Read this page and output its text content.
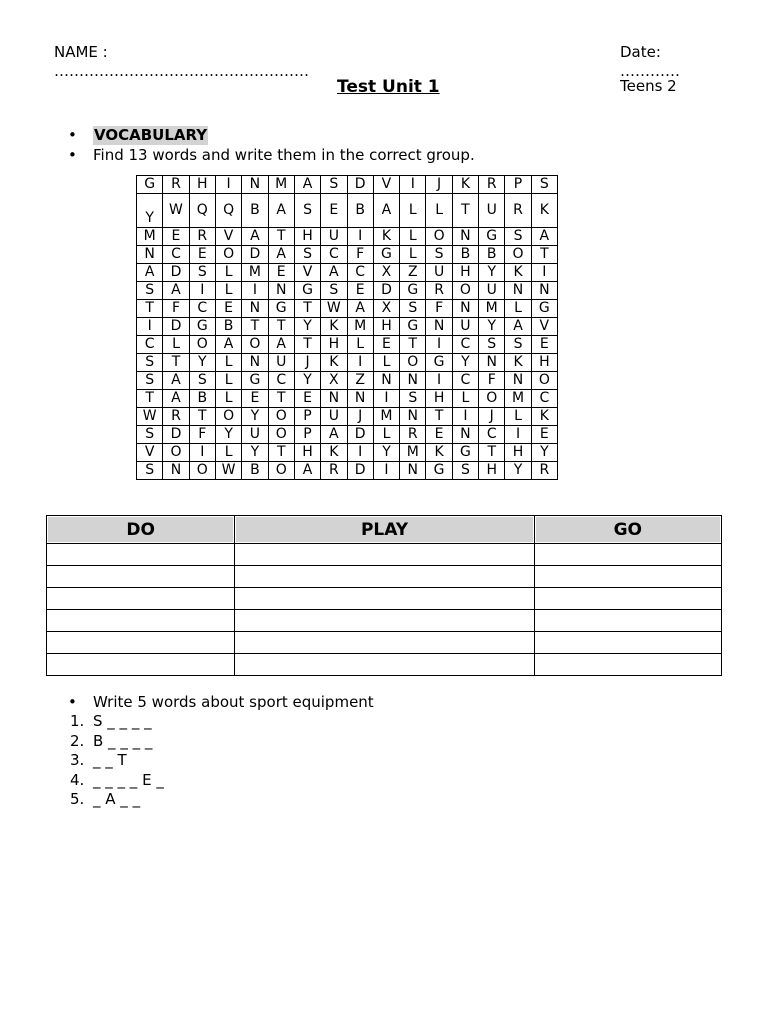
NAME :
……………………………………………
Date:
…………
Teens 2
Test Unit 1
•	VOCABULARY
•	Find 13 words and write them in the correct group.
G	R	H	I	N	M	A	S	D	V	I	J	K	R	P	S
Y	W	Q	Q	B	A	S	E	B	A	L	L	T	U	R	K
M	E	R	V	A	T	H	U	I	K	L	O	N	G	S	A
N	C	E	O	D	A	S	C	F	G	L	S	B	B	O	T
A	D	S	L	M	E	V	A	C	X	Z	U	H	Y	K	I
S	A	I	L	I	N	G	S	E	D	G	R	O	U	N	N
T	F	C	E	N	G	T	W	A	X	S	F	N	M	L	G
I	D	G	B	T	T	Y	K	M	H	G	N	U	Y	A	V
C	L	O	A	O	A	T	H	L	E	T	I	C	S	S	E
S	T	Y	L	N	U	J	K	I	L	O	G	Y	N	K	H
S	A	S	L	G	C	Y	X	Z	N	N	I	C	F	N	O
T	A	B	L	E	T	E	N	N	I	S	H	L	O	M	C
W	R	T	O	Y	O	P	U	J	M	N	T	I	J	L	K
S	D	F	Y	U	O	P	A	D	L	R	E	N	C	I	E
V	O	I	L	Y	T	H	K	I	Y	M	K	G	T	H	Y
S	N	O	W	B	O	A	R	D	I	N	G	S	H	Y	R
DO	PLAY	GO

•	Write 5 words about sport equipment
1. S _ _ _ _
2. B _ _ _ _
3. _ _ T
4. _ _ _ _ E _
5. _ A _ _
